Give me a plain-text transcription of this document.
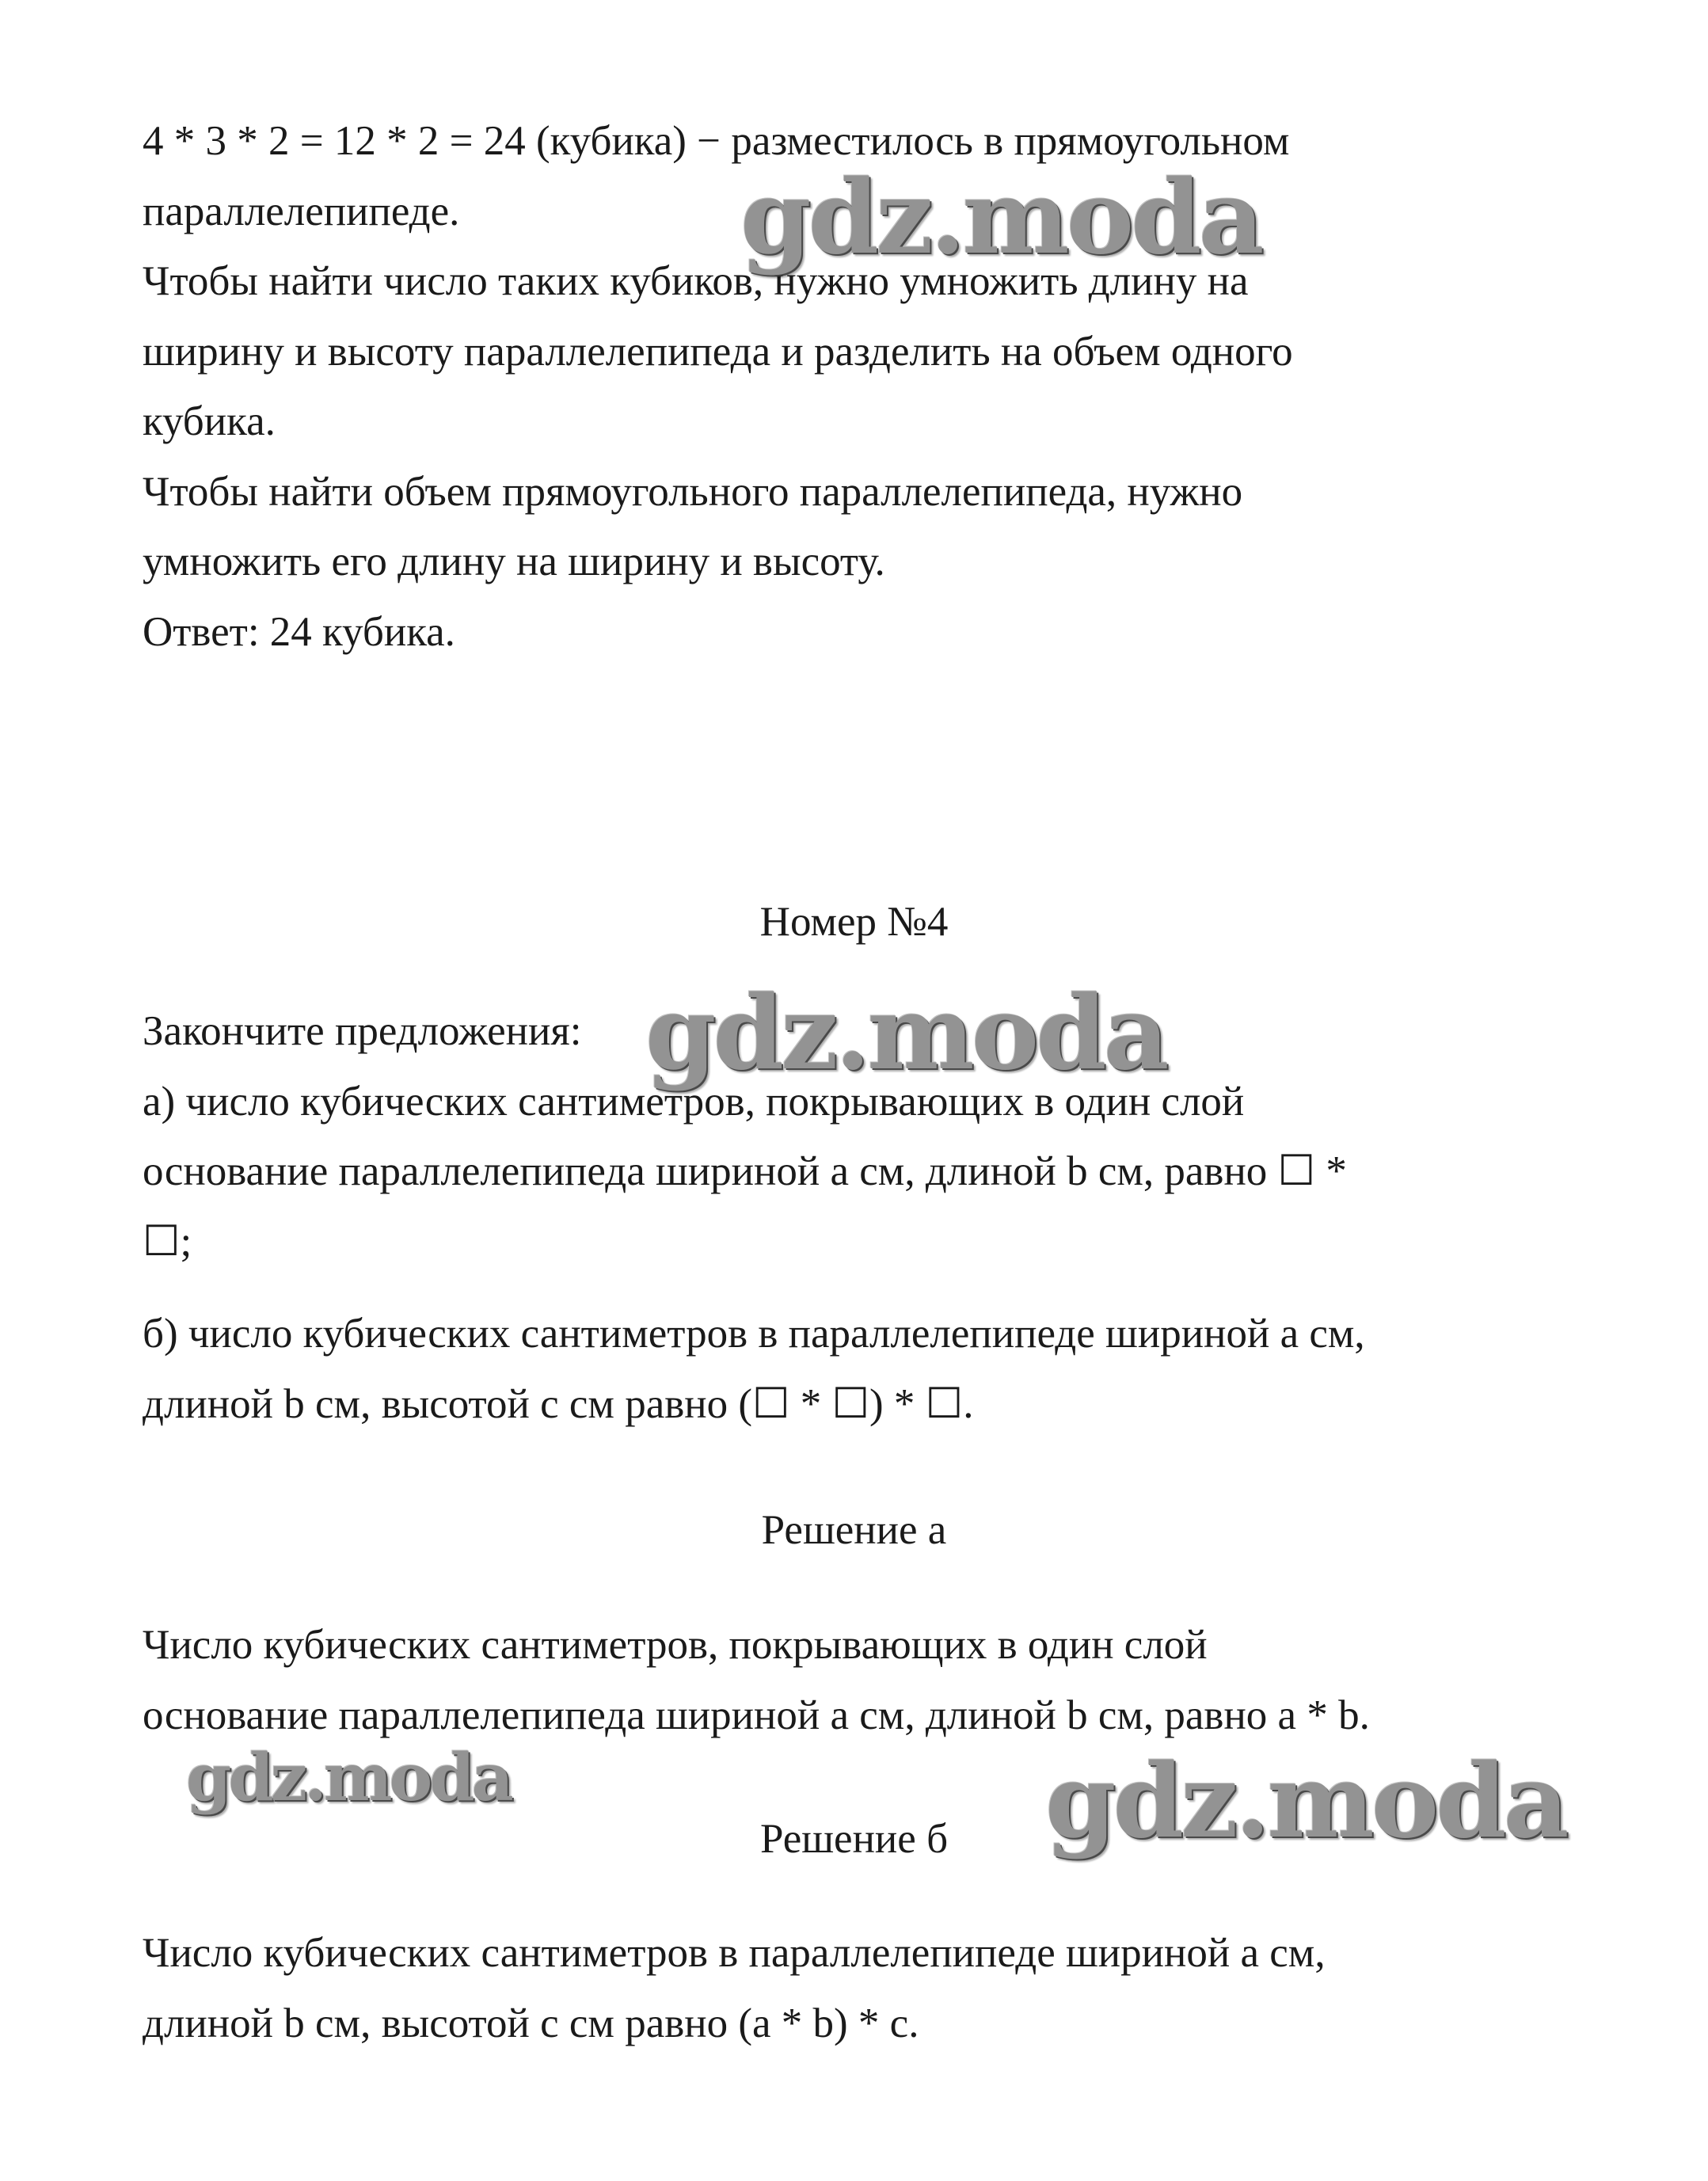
4 * 3 * 2 = 12 * 2 = 24 (кубика) − разместилось в прямоугольном
параллелепипеде.
Чтобы найти число таких кубиков, нужно умножить длину на
ширину и высоту параллелепипеда и разделить на объем одного
кубика.
Чтобы найти объем прямоугольного параллелепипеда, нужно
умножить его длину на ширину и высоту.
Ответ: 24 кубика.
Номер №4
Закончите предложения:
а) число кубических сантиметров, покрывающих в один слой
основание параллелепипеда шириной a см, длиной b см, равно ☐ *
☐;
б) число кубических сантиметров в параллелепипеде шириной a см,
длиной b см, высотой c см равно (☐ * ☐) * ☐.
Решение а
Число кубических сантиметров, покрывающих в один слой
основание параллелепипеда шириной a см, длиной b см, равно a * b.
Решение б
Число кубических сантиметров в параллелепипеде шириной a см,
длиной b см, высотой c см равно (a * b) * c.
gdz.moda
gdz.moda
gdz.moda	gdz.moda
